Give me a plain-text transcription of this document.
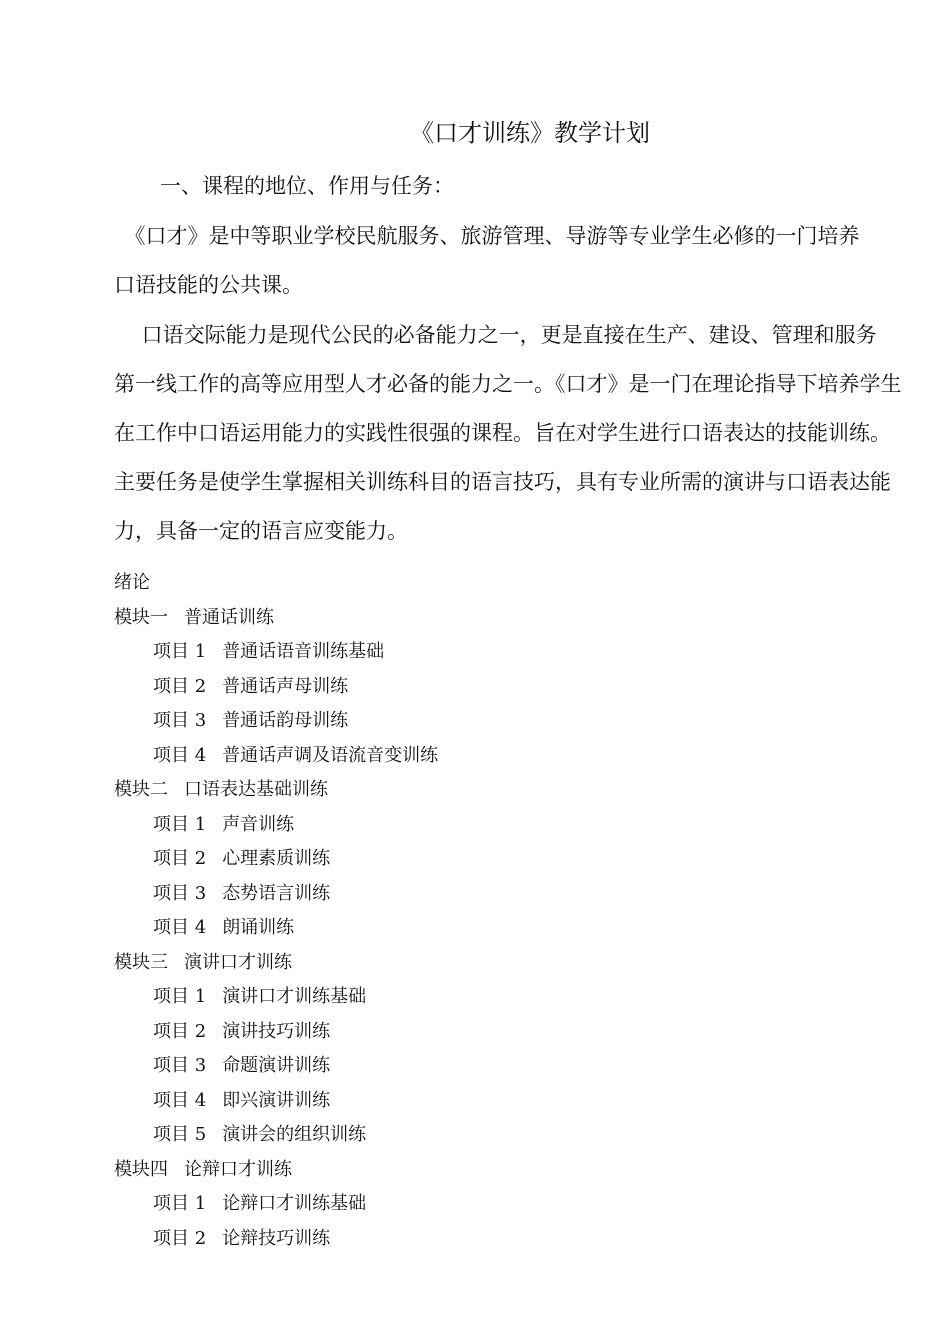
《口才训练》教学计划
一、课程的地位、作用与任务：
　《口才》是中等职业学校民航服务、旅游管理、导游等专业学生必修的一门培养
口语技能的公共课。
　 口语交际能力是现代公民的必备能力之一，更是直接在生产、建设、管理和服务
第一线工作的高等应用型人才必备的能力之一。《口才》是一门在理论指导下培养学生
在工作中口语运用能力的实践性很强的课程。旨在对学生进行口语表达的技能训练。
主要任务是使学生掌握相关训练科目的语言技巧，具有专业所需的演讲与口语表达能
力，具备一定的语言应变能力。
绪论
模块一 普通话训练
项目 1 普通话语音训练基础
项目 2 普通话声母训练
项目 3 普通话韵母训练
项目 4 普通话声调及语流音变训练
模块二 口语表达基础训练
项目 1 声音训练
项目 2 心理素质训练
项目 3 态势语言训练
项目 4 朗诵训练
模块三 演讲口才训练
项目 1 演讲口才训练基础
项目 2 演讲技巧训练
项目 3 命题演讲训练
项目 4 即兴演讲训练
项目 5 演讲会的组织训练
模块四 论辩口才训练
项目 1 论辩口才训练基础
项目 2 论辩技巧训练
